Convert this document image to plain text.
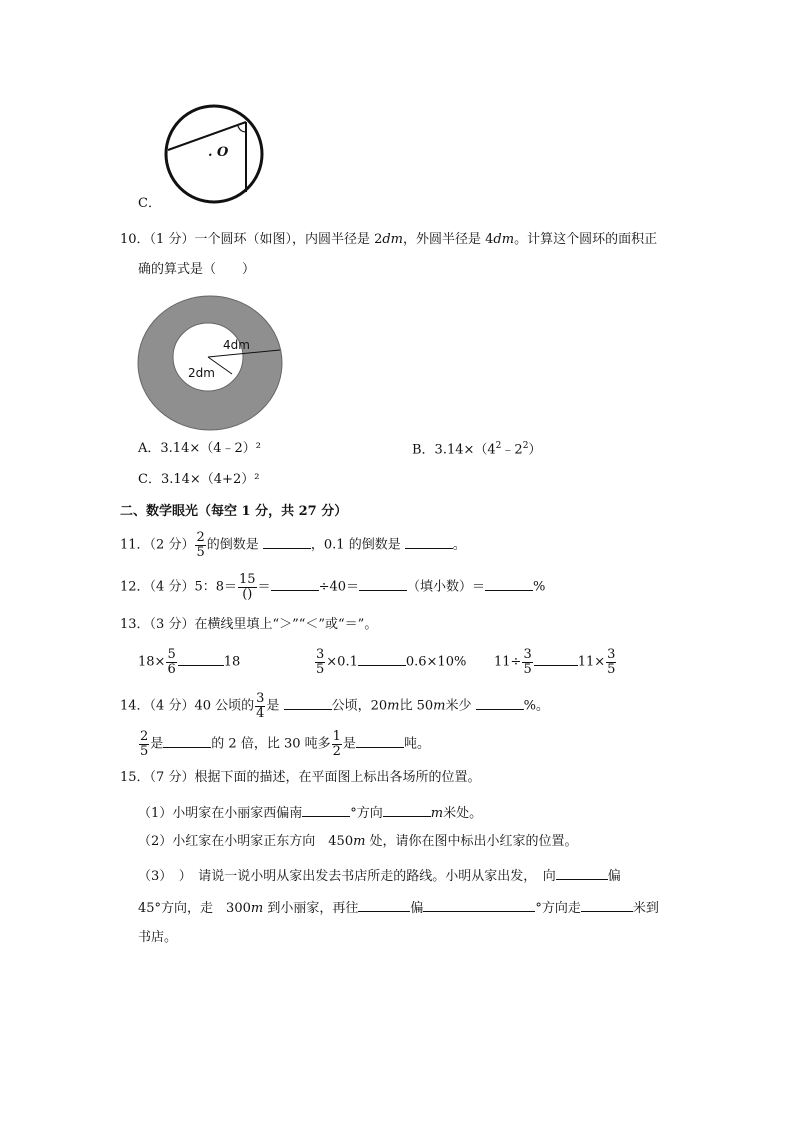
. O
C．
10．（1 分）一个圆环（如图），内圆半径是 2dm，外圆半径是 4dm。计算这个圆环的面积正
确的算式是（　　）
4dm
2dm
A．3.14×（4﹣2）²	B．$3.14\times(4^2﹣2^2)$
C．3.14×（4+2）²
二、数学眼光（每空 1 分，共 27 分）
11．（2 分） $\frac{2}{5}$ 的倒数是	，0.1 的倒数是	。
12．（4 分）5：$8= \frac{15}{()}$ ＝	÷40＝	（填小数）＝	%
13．（3 分）在横线里填上“＞”“＜”或“＝”。
$18\times \frac{5}{6}$	18	$\frac{3}{5} \times 0.1$	0.6×10% $11\div \frac{3}{5}$	$11\times \frac{3}{5}$
14．（4 分）40 公顷的 $\frac{3}{4}$ 是	公顷，20m比 50m米少	%。
$\frac{2}{5}$ 是	的 2 倍，比 30 吨多 $\frac{1}{2}$ 是	吨。
15．（7 分）根据下面的描述，在平面图上标出各场所的位置。
（1）小明家在小丽家西偏南	°方向	m米处。
（2）小红家在小明家正东方向　450m 处，请你在图中标出小红家的位置。
（3）　）　请说一说小明从家出发去书店所走的路线。小明从家出发，　向	偏
45°方向，走　300m 到小丽家，再往	偏	°方向走	米到
书店。
